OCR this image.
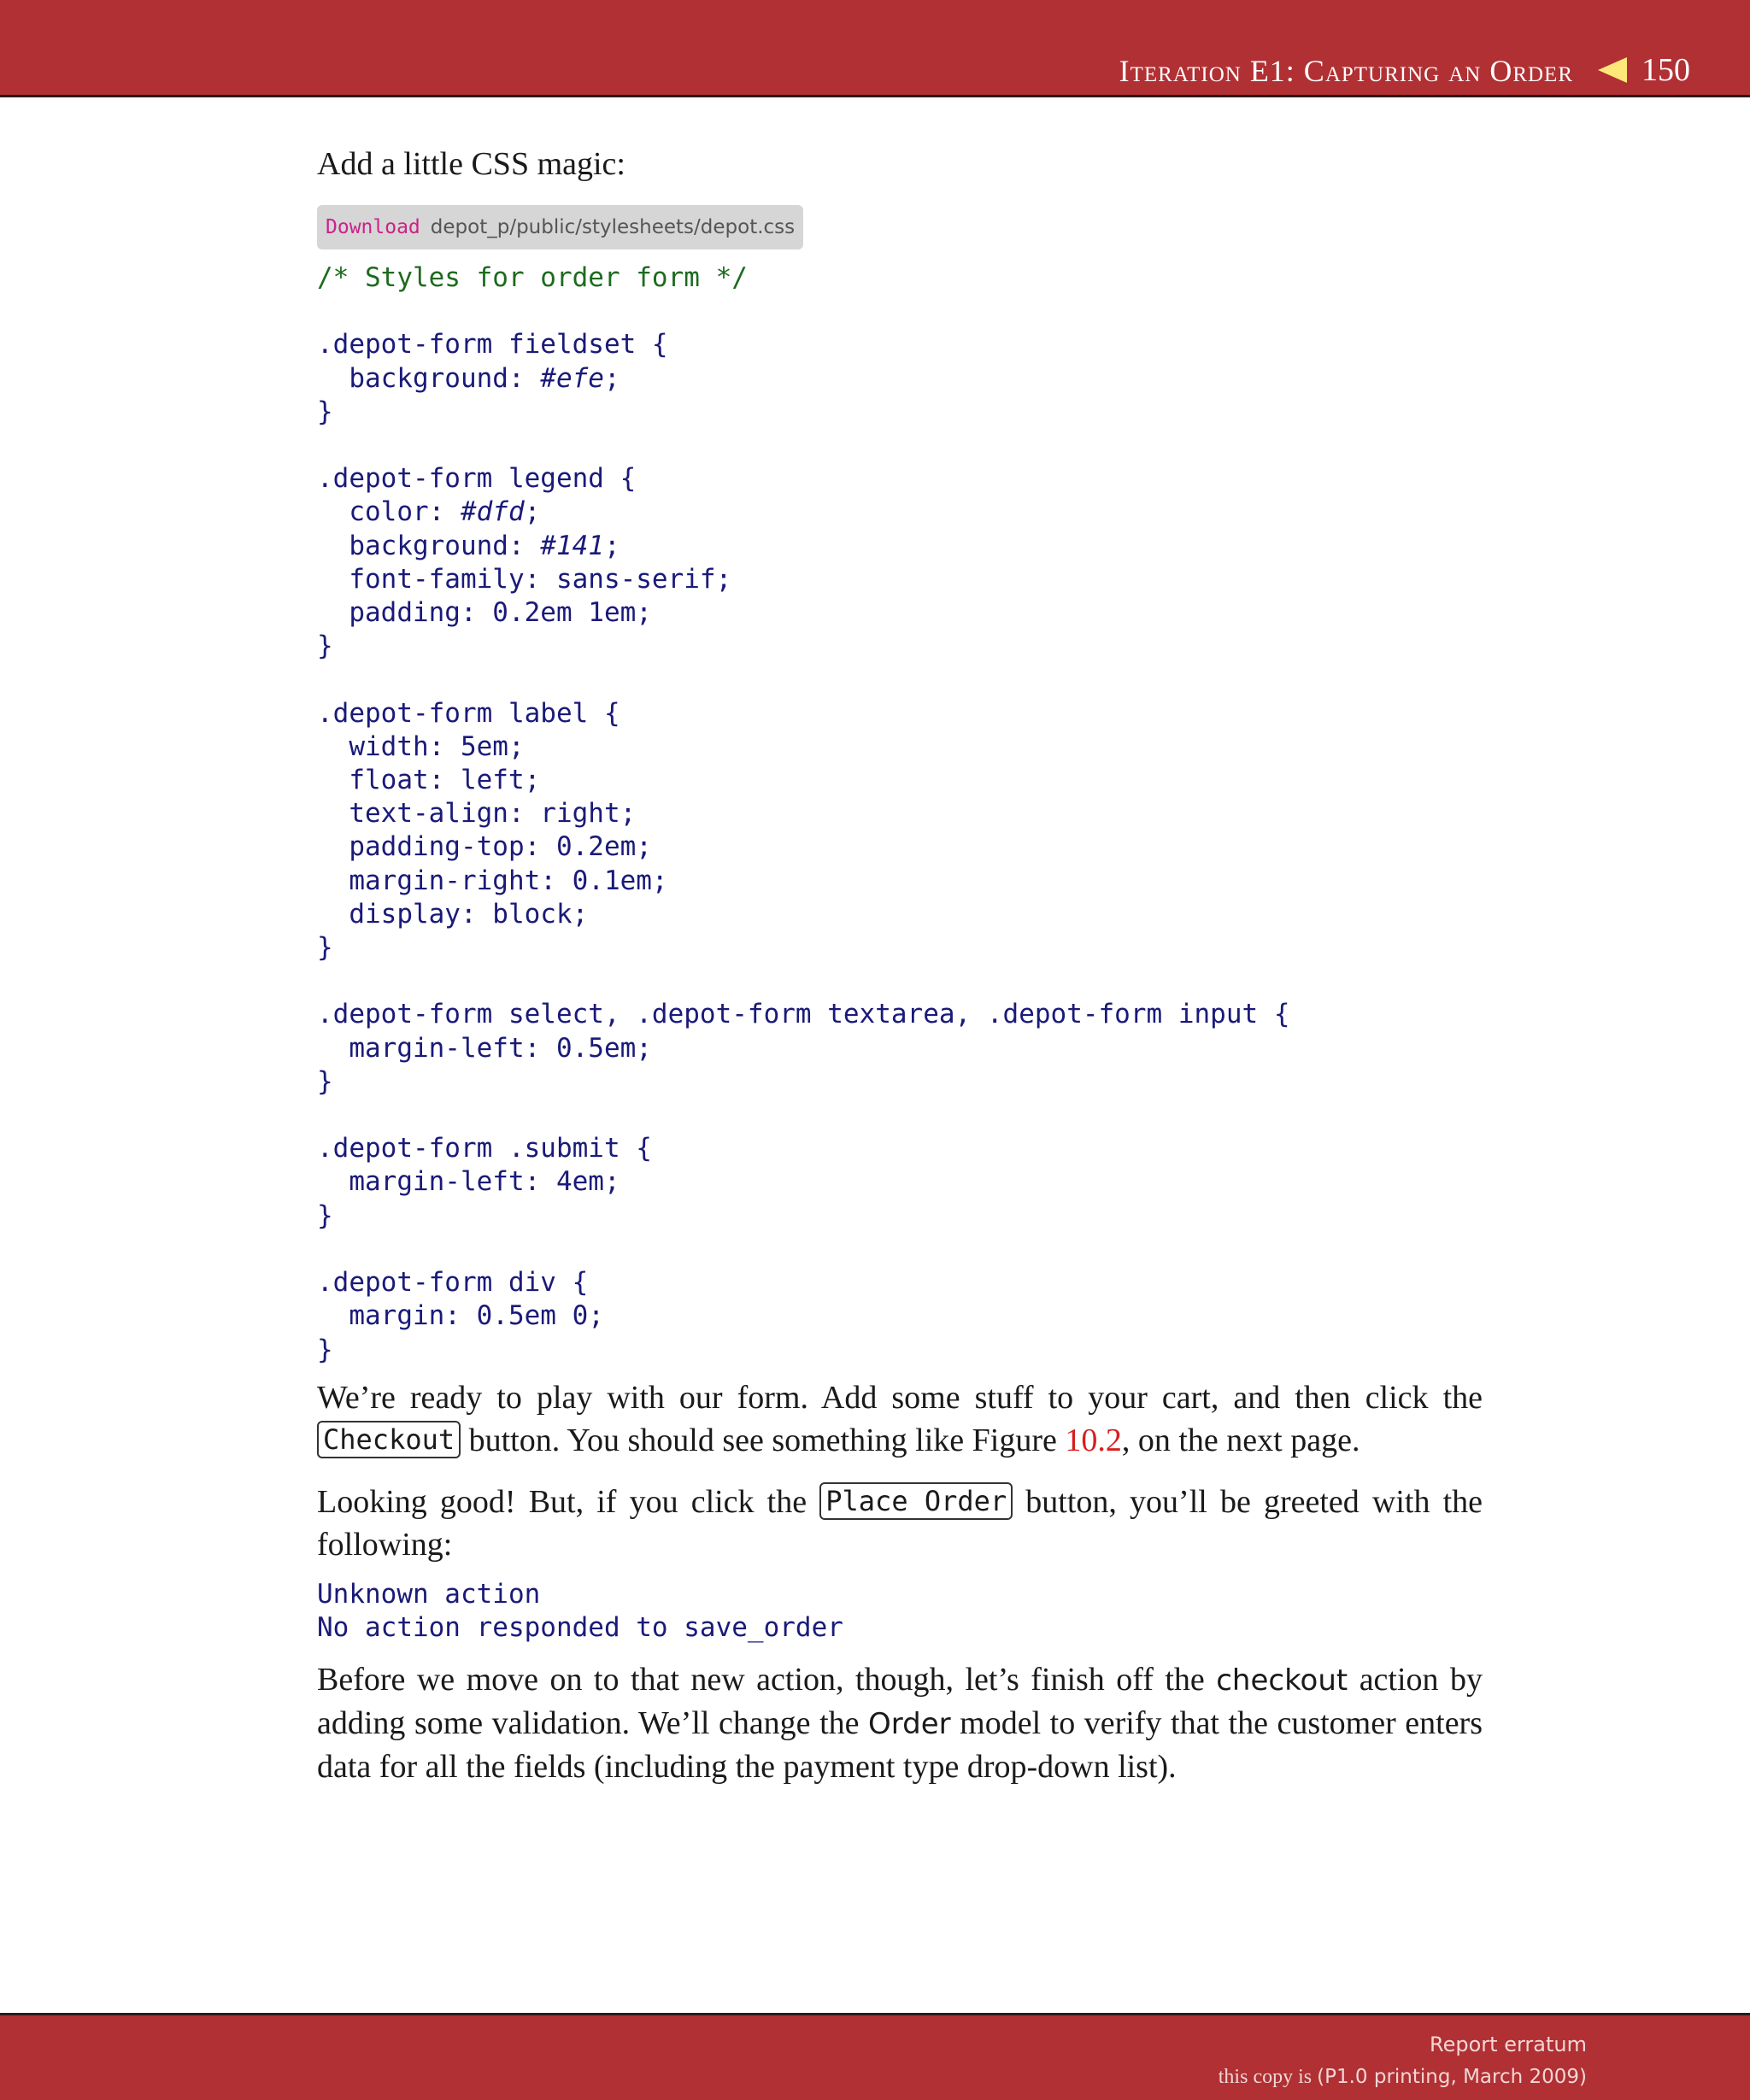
Iteration E1: Capturing an Order 150

Add a little CSS magic:

Download depot_p/public/stylesheets/depot.css
/* Styles for order form */

.depot-form fieldset {
background: #efe;
}

.depot-form legend {
color: #dfd;
background: #141;
font-family: sans-serif;
padding: 0.2em 1em;
}

.depot-form label {
width: 5em;
float: left;
text-align: right;
padding-top: 0.2em;
margin-right: 0.1em;
display: block;
}

.depot-form select, .depot-form textarea, .depot-form input {
margin-left: 0.5em;
}

.depot-form .submit {
margin-left: 4em;
}

.depot-form div {
margin: 0.5em 0;
}

We’re ready to play with our form. Add some stuff to your cart, and then click the Checkout button. You should see something like Figure 10.2, on the next page.

Looking good! But, if you click the Place Order button, you’ll be greeted with the following:

Unknown action
No action responded to save_order

Before we move on to that new action, though, let’s finish off the checkout action by adding some validation. We’ll change the Order model to verify that the customer enters data for all the fields (including the payment type drop-down list).

Report erratum
this copy is (P1.0 printing, March 2009)
